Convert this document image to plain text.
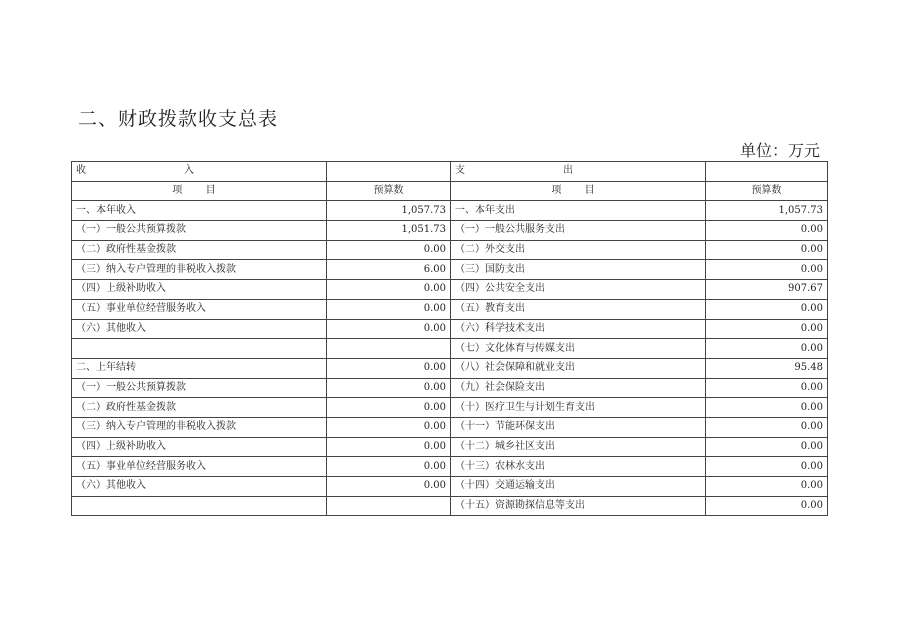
二、财政拨款收支总表
单位：万元
收 入		支 出	
项 目	预算数	项 目	预算数
一、本年收入	1,057.73	一、本年支出	1,057.73
（一）一般公共预算拨款	1,051.73	（一）一般公共服务支出	0.00
（二）政府性基金拨款	0.00	（二）外交支出	0.00
（三）纳入专户管理的非税收入拨款	6.00	（三）国防支出	0.00
（四）上级补助收入	0.00	（四）公共安全支出	907.67
（五）事业单位经营服务收入	0.00	（五）教育支出	0.00
（六）其他收入	0.00	（六）科学技术支出	0.00
		（七）文化体育与传媒支出	0.00
二、上年结转	0.00	（八）社会保障和就业支出	95.48
（一）一般公共预算拨款	0.00	（九）社会保险支出	0.00
（二）政府性基金拨款	0.00	（十）医疗卫生与计划生育支出	0.00
（三）纳入专户管理的非税收入拨款	0.00	（十一）节能环保支出	0.00
（四）上级补助收入	0.00	（十二）城乡社区支出	0.00
（五）事业单位经营服务收入	0.00	（十三）农林水支出	0.00
（六）其他收入	0.00	（十四）交通运输支出	0.00
		（十五）资源勘探信息等支出	0.00
